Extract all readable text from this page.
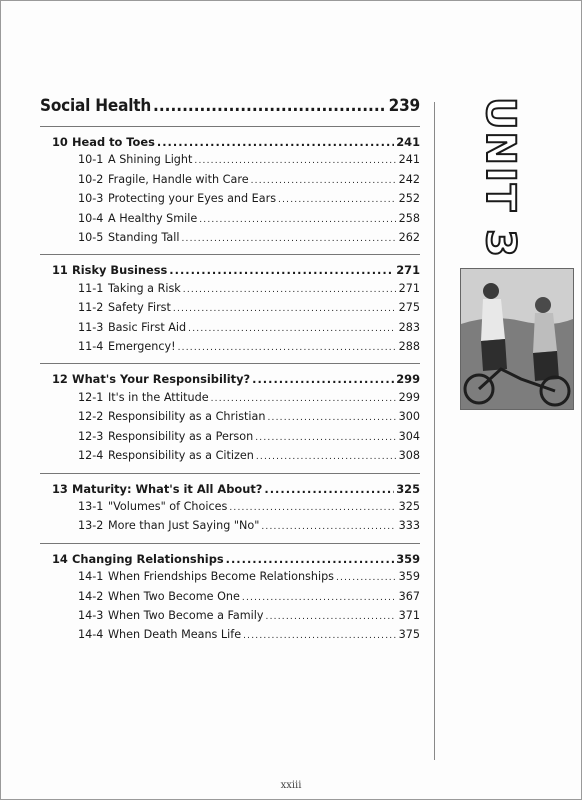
Social Health .....	239
10 Head to Toes .....	241
10-1 A Shining Light .....	241
10-2 Fragile, Handle with Care .....	242
10-3 Protecting your Eyes and Ears .....	252
10-4 A Healthy Smile .....	258
10-5 Standing Tall .....	262
11 Risky Business .....	271
11-1 Taking a Risk .....	271
11-2 Safety First .....	275
11-3 Basic First Aid .....	283
11-4 Emergency! .....	288
12 What's Your Responsibility? .....	299
12-1 It's in the Attitude .....	299
12-2 Responsibility as a Christian .....	300
12-3 Responsibility as a Person .....	304
12-4 Responsibility as a Citizen .....	308
13 Maturity: What's it All About? .....	325
13-1 "Volumes" of Choices .....	325
13-2 More than Just Saying "No" .....	333
14 Changing Relationships .....	359
14-1 When Friendships Become Relationships .....	359
14-2 When Two Become One .....	367
14-3 When Two Become a Family .....	371
14-4 When Death Means Life .....	375
UNIT 3
xxiii
